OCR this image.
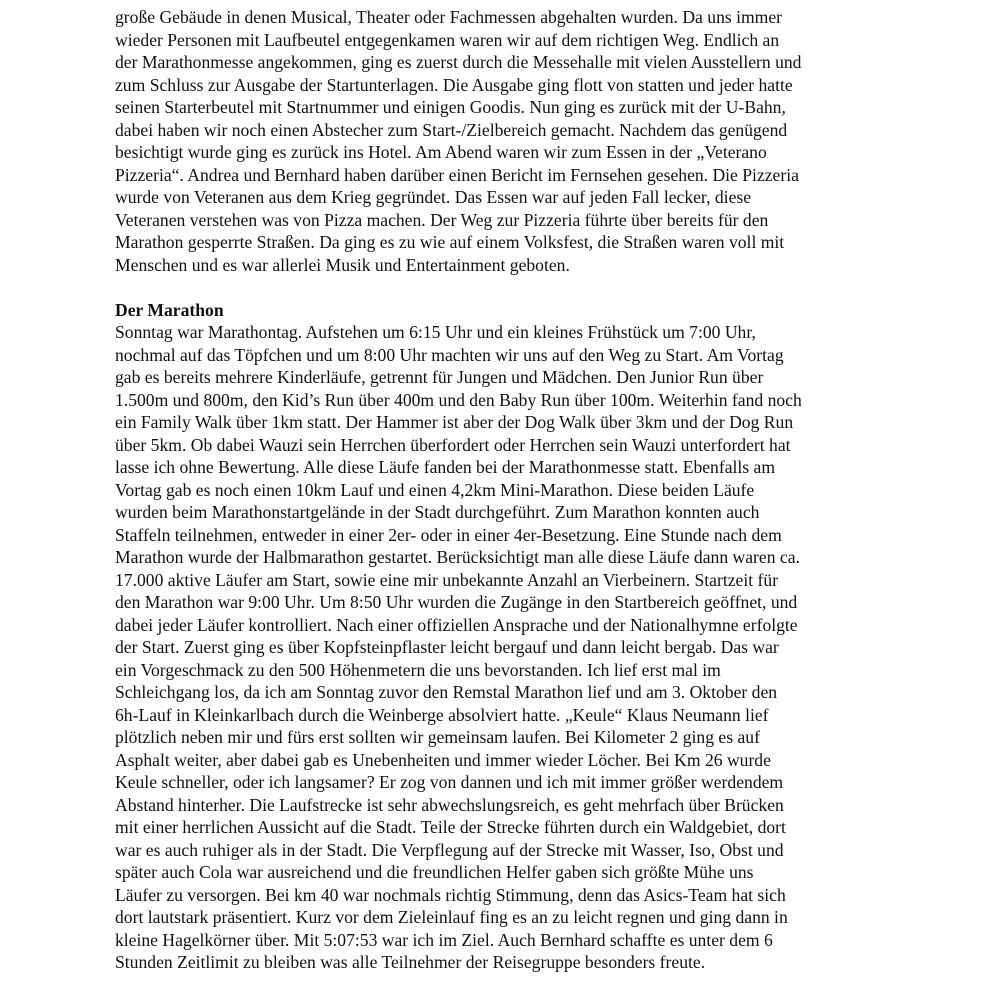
große Gebäude in denen Musical, Theater oder Fachmessen abgehalten wurden. Da uns immer
wieder Personen mit Laufbeutel entgegenkamen waren wir auf dem richtigen Weg. Endlich an
der Marathonmesse angekommen, ging es zuerst durch die Messehalle mit vielen Ausstellern und
zum Schluss zur Ausgabe der Startunterlagen. Die Ausgabe ging flott von statten und jeder hatte
seinen Starterbeutel mit Startnummer und einigen Goodis. Nun ging es zurück mit der U-Bahn,
dabei haben wir noch einen Abstecher zum Start-/Zielbereich gemacht. Nachdem das genügend
besichtigt wurde ging es zurück ins Hotel. Am Abend waren wir zum Essen in der „Veterano
Pizzeria“. Andrea und Bernhard haben darüber einen Bericht im Fernsehen gesehen. Die Pizzeria
wurde von Veteranen aus dem Krieg gegründet. Das Essen war auf jeden Fall lecker, diese
Veteranen verstehen was von Pizza machen. Der Weg zur Pizzeria führte über bereits für den
Marathon gesperrte Straßen. Da ging es zu wie auf einem Volksfest, die Straßen waren voll mit
Menschen und es war allerlei Musik und Entertainment geboten.
Der Marathon
Sonntag war Marathontag. Aufstehen um 6:15 Uhr und ein kleines Frühstück um 7:00 Uhr,
nochmal auf das Töpfchen und um 8:00 Uhr machten wir uns auf den Weg zu Start. Am Vortag
gab es bereits mehrere Kinderläufe, getrennt für Jungen und Mädchen. Den Junior Run über
1.500m und 800m, den Kid’s Run über 400m und den Baby Run über 100m. Weiterhin fand noch
ein Family Walk über 1km statt. Der Hammer ist aber der Dog Walk über 3km und der Dog Run
über 5km. Ob dabei Wauzi sein Herrchen überfordert oder Herrchen sein Wauzi unterfordert hat
lasse ich ohne Bewertung. Alle diese Läufe fanden bei der Marathonmesse statt. Ebenfalls am
Vortag gab es noch einen 10km Lauf und einen 4,2km Mini-Marathon. Diese beiden Läufe
wurden beim Marathonstartgelände in der Stadt durchgeführt. Zum Marathon konnten auch
Staffeln teilnehmen, entweder in einer 2er- oder in einer 4er-Besetzung. Eine Stunde nach dem
Marathon wurde der Halbmarathon gestartet. Berücksichtigt man alle diese Läufe dann waren ca.
17.000 aktive Läufer am Start, sowie eine mir unbekannte Anzahl an Vierbeinern. Startzeit für
den Marathon war 9:00 Uhr. Um 8:50 Uhr wurden die Zugänge in den Startbereich geöffnet, und
dabei jeder Läufer kontrolliert. Nach einer offiziellen Ansprache und der Nationalhymne erfolgte
der Start. Zuerst ging es über Kopfsteinpflaster leicht bergauf und dann leicht bergab. Das war
ein Vorgeschmack zu den 500 Höhenmetern die uns bevorstanden. Ich lief erst mal im
Schleichgang los, da ich am Sonntag zuvor den Remstal Marathon lief und am 3. Oktober den
6h-Lauf in Kleinkarlbach durch die Weinberge absolviert hatte. „Keule“ Klaus Neumann lief
plötzlich neben mir und fürs erst sollten wir gemeinsam laufen. Bei Kilometer 2 ging es auf
Asphalt weiter, aber dabei gab es Unebenheiten und immer wieder Löcher. Bei Km 26 wurde
Keule schneller, oder ich langsamer? Er zog von dannen und ich mit immer größer werdendem
Abstand hinterher. Die Laufstrecke ist sehr abwechslungsreich, es geht mehrfach über Brücken
mit einer herrlichen Aussicht auf die Stadt. Teile der Strecke führten durch ein Waldgebiet, dort
war es auch ruhiger als in der Stadt. Die Verpflegung auf der Strecke mit Wasser, Iso, Obst und
später auch Cola war ausreichend und die freundlichen Helfer gaben sich größte Mühe uns
Läufer zu versorgen. Bei km 40 war nochmals richtig Stimmung, denn das Asics-Team hat sich
dort lautstark präsentiert. Kurz vor dem Zieleinlauf fing es an zu leicht regnen und ging dann in
kleine Hagelkörner über. Mit 5:07:53 war ich im Ziel. Auch Bernhard schaffte es unter dem 6
Stunden Zeitlimit zu bleiben was alle Teilnehmer der Reisegruppe besonders freute.
